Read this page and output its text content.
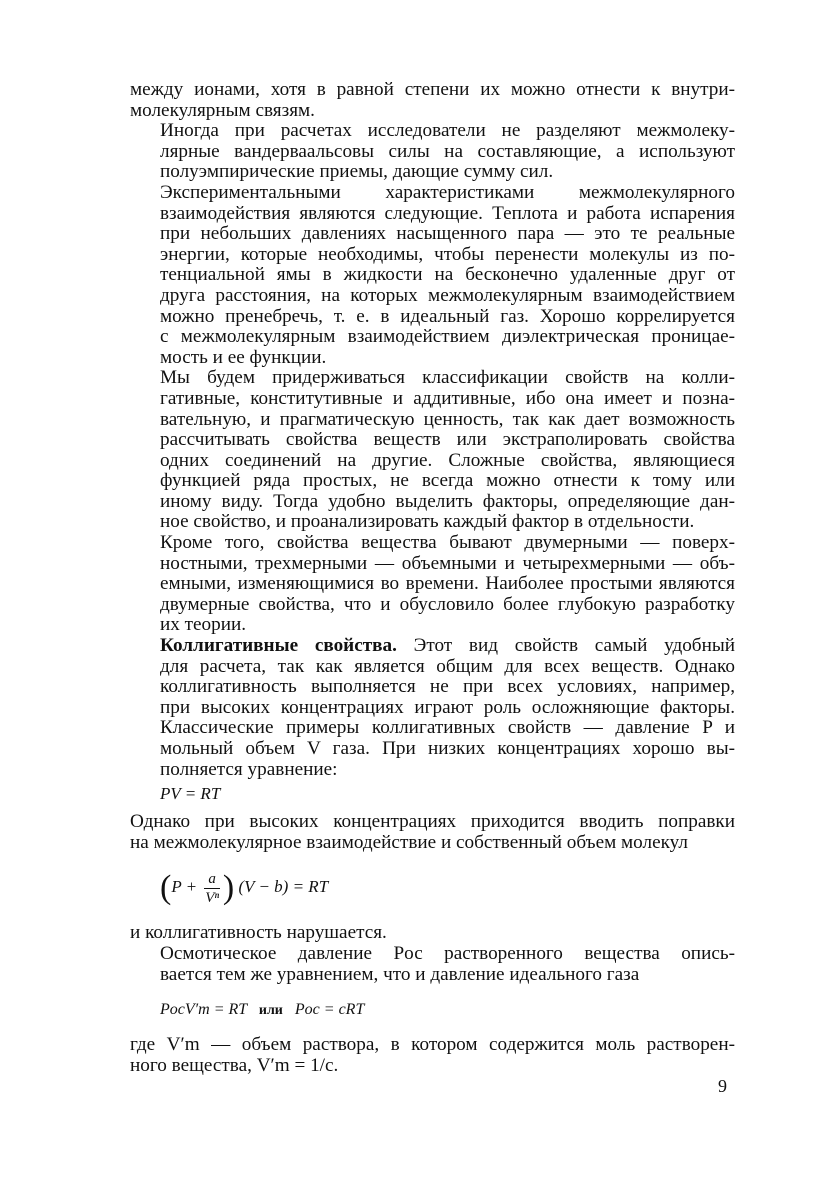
между ионами, хотя в равной степени их можно отнести к внутри-
молекулярным связям.

Иногда при расчетах исследователи не разделяют межмолеку-
лярные вандерваальсовы силы на составляющие, а используют
полуэмпирические приемы, дающие сумму сил.

Экспериментальными характеристиками межмолекулярного
взаимодействия являются следующие. Теплота и работа испарения
при небольших давлениях насыщенного пара — это те реальные
энергии, которые необходимы, чтобы перенести молекулы из по-
тенциальной ямы в жидкости на бесконечно удаленные друг от
друга расстояния, на которых межмолекулярным взаимодействием
можно пренебречь, т. е. в идеальный газ. Хорошо коррелируется
с межмолекулярным взаимодействием диэлектрическая проницае-
мость и ее функции.

Мы будем придерживаться классификации свойств на колли-
гативные, конститутивные и аддитивные, ибо она имеет и позна-
вательную, и прагматическую ценность, так как дает возможность
рассчитывать свойства веществ или экстраполировать свойства
одних соединений на другие. Сложные свойства, являющиеся
функцией ряда простых, не всегда можно отнести к тому или
иному виду. Тогда удобно выделить факторы, определяющие дан-
ное свойство, и проанализировать каждый фактор в отдельности.

Кроме того, свойства вещества бывают двумерными — поверх-
ностными, трехмерными — объемными и четырехмерными — объ-
емными, изменяющимися во времени. Наиболее простыми являются
двумерные свойства, что и обусловило более глубокую разработку
их теории.

Коллигативные свойства. Этот вид свойств самый удобный
для расчета, так как является общим для всех веществ. Однако
коллигативность выполняется не при всех условиях, например,
при высоких концентрациях играют роль осложняющие факторы.
Классические примеры коллигативных свойств — давление P и
мольный объем V газа. При низких концентрациях хорошо вы-
полняется уравнение:

PV = RT

Однако при высоких концентрациях приходится вводить поправки
на межмолекулярное взаимодействие и собственный объем молекул

($P + \frac{a}{\text{Vⁿ}}$ ) (V − b) = RT

и коллигативность нарушается.

Осмотическое давление Pос растворенного вещества опись-
вается тем же уравнением, что и давление идеального газа

PосV′m = RT или Pос = cRT

где V′m — объем раствора, в котором содержится моль растворен-
ного вещества, V′m = 1/c.

9
